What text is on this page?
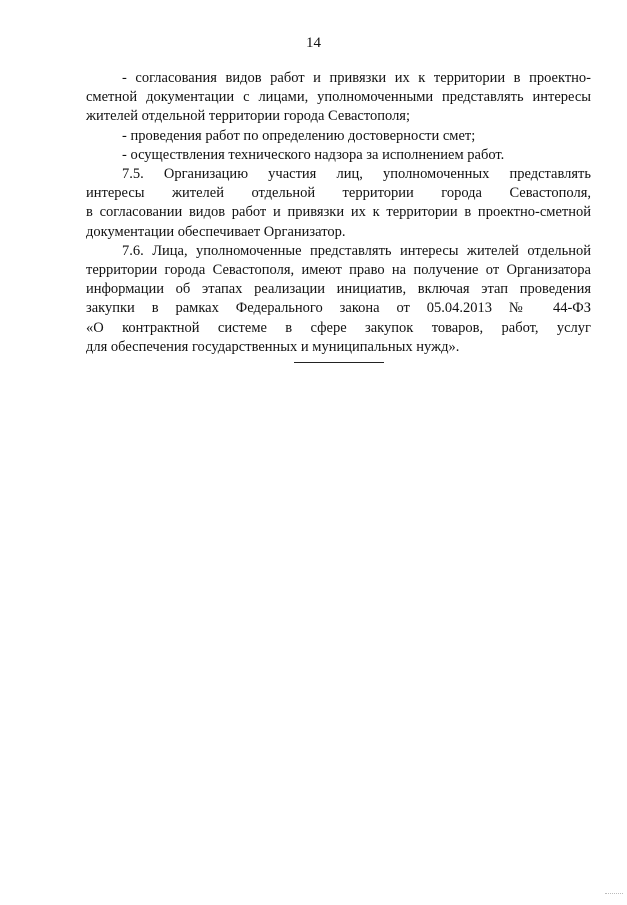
14
- согласования видов работ и привязки их к территории в проектно-
сметной документации с лицами, уполномоченными представлять интересы
жителей отдельной территории города Севастополя;
- проведения работ по определению достоверности смет;
- осуществления технического надзора за исполнением работ.
7.5. Организацию участия лиц, уполномоченных представлять
интересы жителей отдельной территории города Севастополя,
в согласовании видов работ и привязки их к территории в проектно-сметной
документации обеспечивает Организатор.
7.6. Лица, уполномоченные представлять интересы жителей отдельной
территории города Севастополя, имеют право на получение от Организатора
информации об этапах реализации инициатив, включая этап проведения
закупки в рамках Федерального закона от 05.04.2013 № 44-ФЗ
«О контрактной системе в сфере закупок товаров, работ, услуг
для обеспечения государственных и муниципальных нужд».
